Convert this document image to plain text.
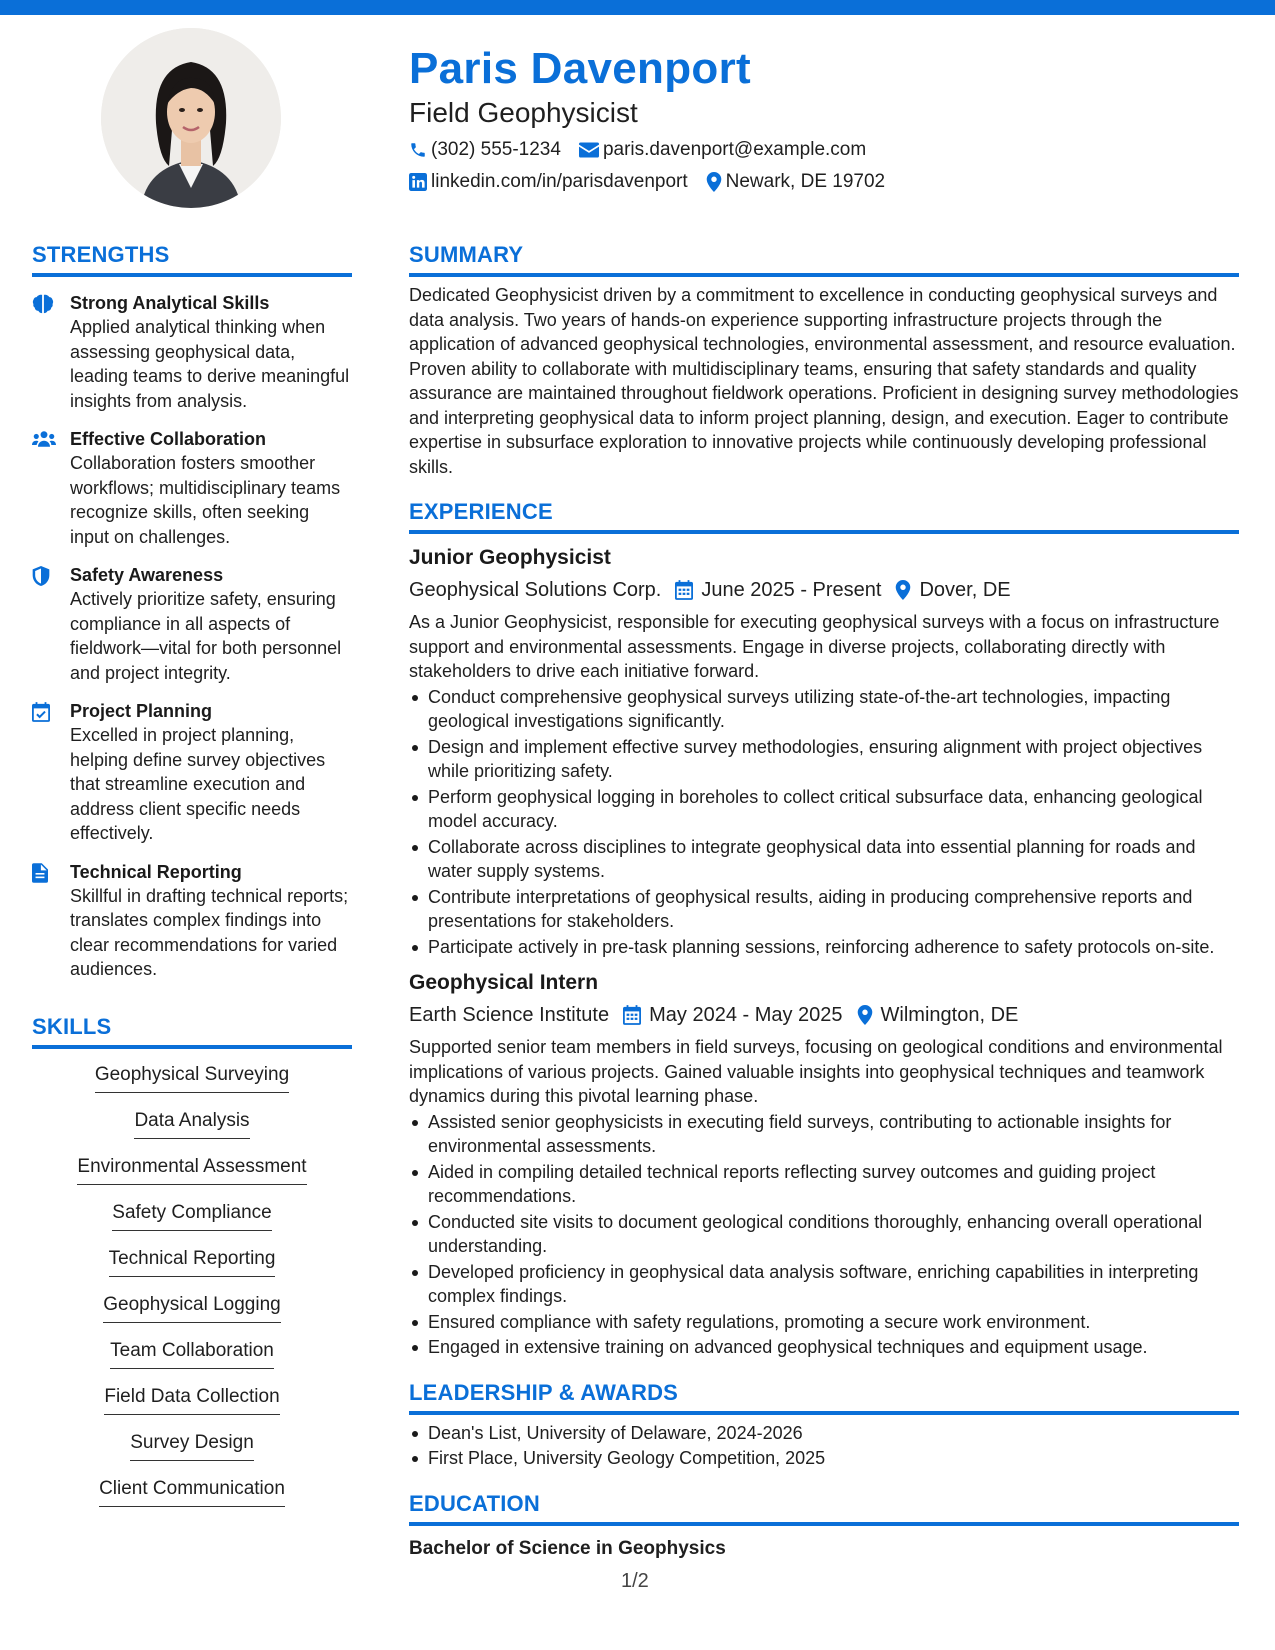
Paris Davenport
Field Geophysicist
(302) 555-1234 paris.davenport@example.com
linkedin.com/in/parisdavenport Newark, DE 19702
STRENGTHS
Strong Analytical Skills
Applied analytical thinking when assessing geophysical data, leading teams to derive meaningful insights from analysis.
Effective Collaboration
Collaboration fosters smoother workflows; multidisciplinary teams recognize skills, often seeking input on challenges.
Safety Awareness
Actively prioritize safety, ensuring compliance in all aspects of fieldwork—vital for both personnel and project integrity.
Project Planning
Excelled in project planning, helping define survey objectives that streamline execution and address client specific needs effectively.
Technical Reporting
Skillful in drafting technical reports; translates complex findings into clear recommendations for varied audiences.
SKILLS
Geophysical Surveying
Data Analysis
Environmental Assessment
Safety Compliance
Technical Reporting
Geophysical Logging
Team Collaboration
Field Data Collection
Survey Design
Client Communication
SUMMARY
Dedicated Geophysicist driven by a commitment to excellence in conducting geophysical surveys and data analysis. Two years of hands-on experience supporting infrastructure projects through the application of advanced geophysical technologies, environmental assessment, and resource evaluation. Proven ability to collaborate with multidisciplinary teams, ensuring that safety standards and quality assurance are maintained throughout fieldwork operations. Proficient in designing survey methodologies and interpreting geophysical data to inform project planning, design, and execution. Eager to contribute expertise in subsurface exploration to innovative projects while continuously developing professional skills.
EXPERIENCE
Junior Geophysicist
Geophysical Solutions Corp. June 2025 - Present Dover, DE
As a Junior Geophysicist, responsible for executing geophysical surveys with a focus on infrastructure support and environmental assessments. Engage in diverse projects, collaborating directly with stakeholders to drive each initiative forward.
Conduct comprehensive geophysical surveys utilizing state-of-the-art technologies, impacting geological investigations significantly.
Design and implement effective survey methodologies, ensuring alignment with project objectives while prioritizing safety.
Perform geophysical logging in boreholes to collect critical subsurface data, enhancing geological model accuracy.
Collaborate across disciplines to integrate geophysical data into essential planning for roads and water supply systems.
Contribute interpretations of geophysical results, aiding in producing comprehensive reports and presentations for stakeholders.
Participate actively in pre-task planning sessions, reinforcing adherence to safety protocols on-site.
Geophysical Intern
Earth Science Institute May 2024 - May 2025 Wilmington, DE
Supported senior team members in field surveys, focusing on geological conditions and environmental implications of various projects. Gained valuable insights into geophysical techniques and teamwork dynamics during this pivotal learning phase.
Assisted senior geophysicists in executing field surveys, contributing to actionable insights for environmental assessments.
Aided in compiling detailed technical reports reflecting survey outcomes and guiding project recommendations.
Conducted site visits to document geological conditions thoroughly, enhancing overall operational understanding.
Developed proficiency in geophysical data analysis software, enriching capabilities in interpreting complex findings.
Ensured compliance with safety regulations, promoting a secure work environment.
Engaged in extensive training on advanced geophysical techniques and equipment usage.
LEADERSHIP & AWARDS
Dean's List, University of Delaware, 2024-2026
First Place, University Geology Competition, 2025
EDUCATION
Bachelor of Science in Geophysics
1/2
